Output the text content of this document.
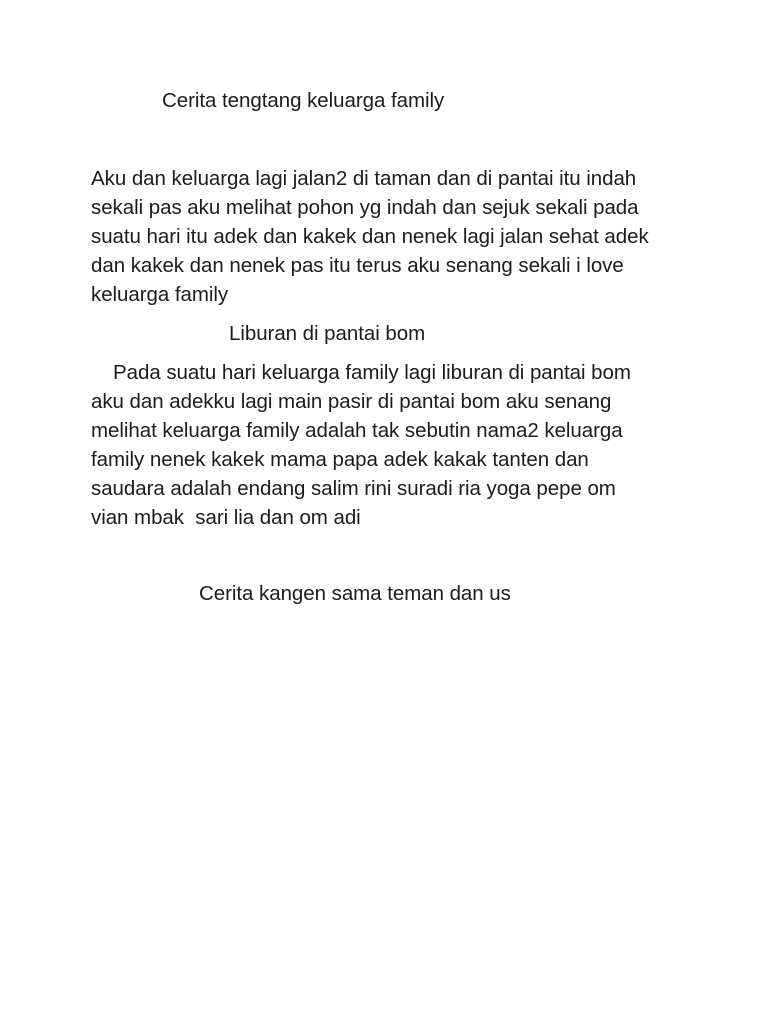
Cerita tengtang keluarga family
Aku dan keluarga lagi jalan2 di taman dan di pantai itu indah
sekali pas aku melihat pohon yg indah dan sejuk sekali pada
suatu hari itu adek dan kakek dan nenek lagi jalan sehat adek
dan kakek dan nenek pas itu terus aku senang sekali i love
keluarga family
Liburan di pantai bom
Pada suatu hari keluarga family lagi liburan di pantai bom
aku dan adekku lagi main pasir di pantai bom aku senang
melihat keluarga family adalah tak sebutin nama2 keluarga
family nenek kakek mama papa adek kakak tanten dan
saudara adalah endang salim rini suradi ria yoga pepe om
vian mbak  sari lia dan om adi
Cerita kangen sama teman dan us
